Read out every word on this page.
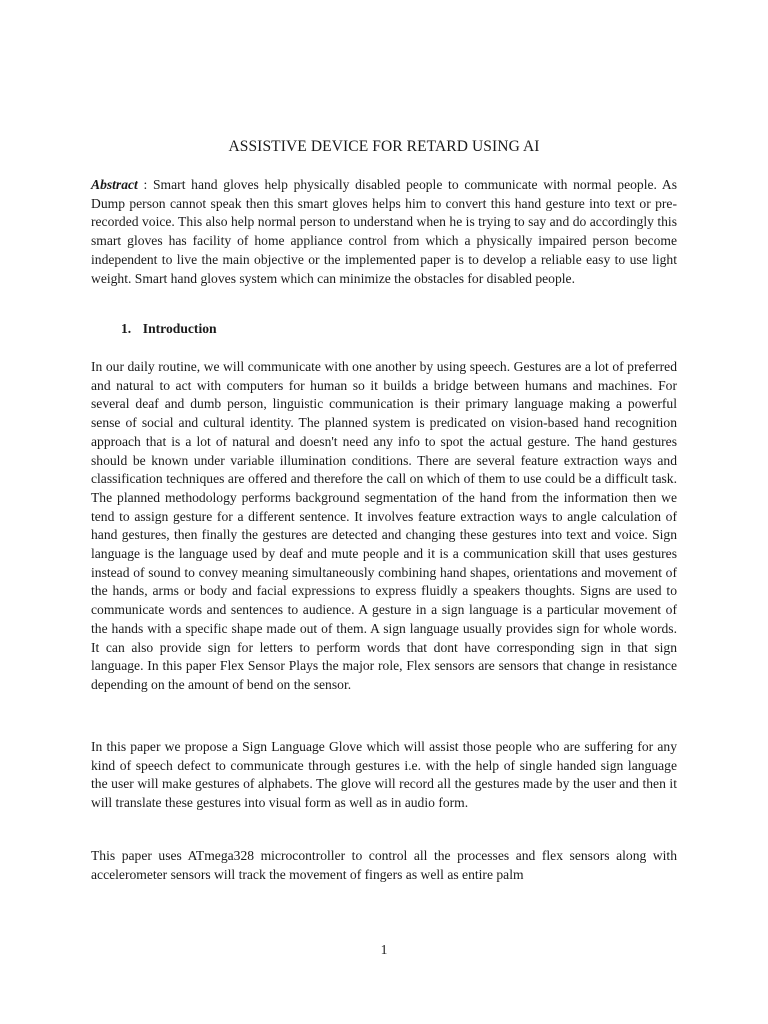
ASSISTIVE DEVICE FOR RETARD USING AI

Abstract : Smart hand gloves help physically disabled people to communicate with normal people. As Dump person cannot speak then this smart gloves helps him to convert this hand gesture into text or pre-recorded voice. This also help normal person to understand when he is trying to say and do accordingly this smart gloves has facility of home appliance control from which a physically impaired person become independent to live the main objective or the implemented paper is to develop a reliable easy to use light weight. Smart hand gloves system which can minimize the obstacles for disabled people.

1. Introduction

In our daily routine, we will communicate with one another by using speech. Gestures are a lot of preferred and natural to act with computers for human so it builds a bridge between humans and machines. For several deaf and dumb person, linguistic communication is their primary language making a powerful sense of social and cultural identity. The planned system is predicated on vision-based hand recognition approach that is a lot of natural and doesn't need any info to spot the actual gesture. The hand gestures should be known under variable illumination conditions. There are several feature extraction ways and classification techniques are offered and therefore the call on which of them to use could be a difficult task. The planned methodology performs background segmentation of the hand from the information then we tend to assign gesture for a different sentence. It involves feature extraction ways to angle calculation of hand gestures, then finally the gestures are detected and changing these gestures into text and voice. Sign language is the language used by deaf and mute people and it is a communication skill that uses gestures instead of sound to convey meaning simultaneously combining hand shapes, orientations and movement of the hands, arms or body and facial expressions to express fluidly a speakers thoughts. Signs are used to communicate words and sentences to audience. A gesture in a sign language is a particular movement of the hands with a specific shape made out of them. A sign language usually provides sign for whole words. It can also provide sign for letters to perform words that dont have corresponding sign in that sign language. In this paper Flex Sensor Plays the major role, Flex sensors are sensors that change in resistance depending on the amount of bend on the sensor.

In this paper we propose a Sign Language Glove which will assist those people who are suffering for any kind of speech defect to communicate through gestures i.e. with the help of single handed sign language the user will make gestures of alphabets. The glove will record all the gestures made by the user and then it will translate these gestures into visual form as well as in audio form.

This paper uses ATmega328 microcontroller to control all the processes and flex sensors along with accelerometer sensors will track the movement of fingers as well as entire palm

1
